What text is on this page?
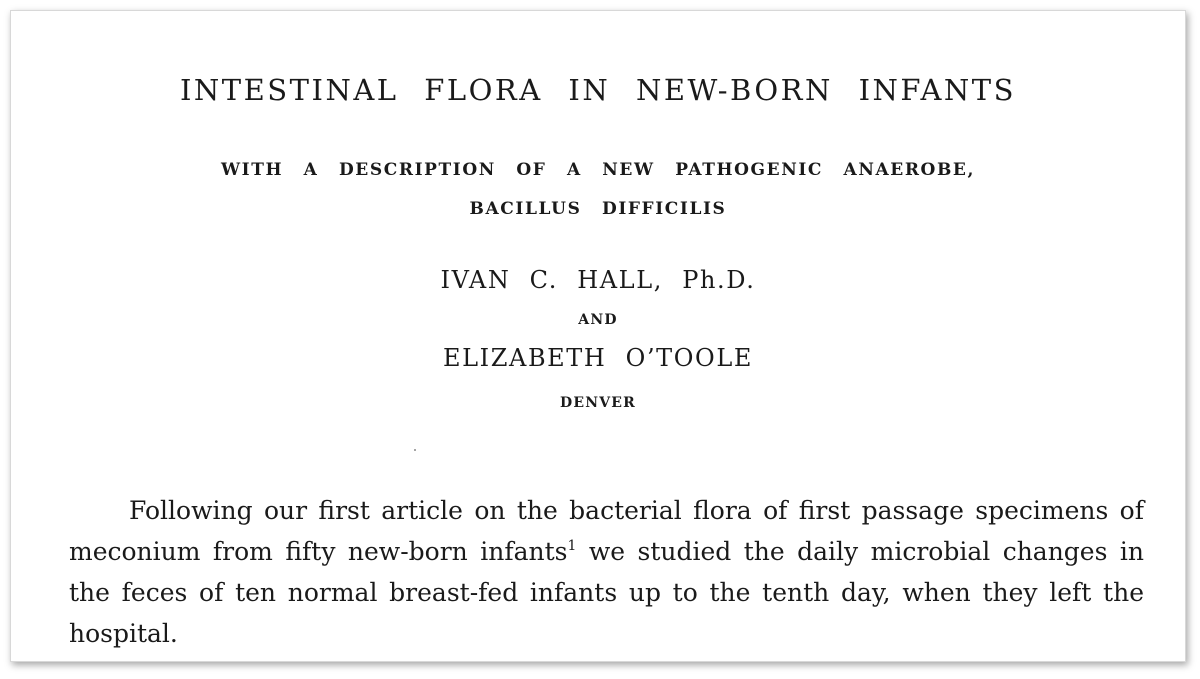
INTESTINAL FLORA IN NEW-BORN INFANTS
WITH A DESCRIPTION OF A NEW PATHOGENIC ANAEROBE,
BACILLUS DIFFICILIS
IVAN C. HALL, Ph.D.
AND
ELIZABETH O’TOOLE
DENVER

Following our first article on the bacterial flora of first passage specimens of meconium from fifty new-born infants$^1$ we studied the daily microbial changes in the feces of ten normal breast-fed infants up to the tenth day, when they left the hospital.
